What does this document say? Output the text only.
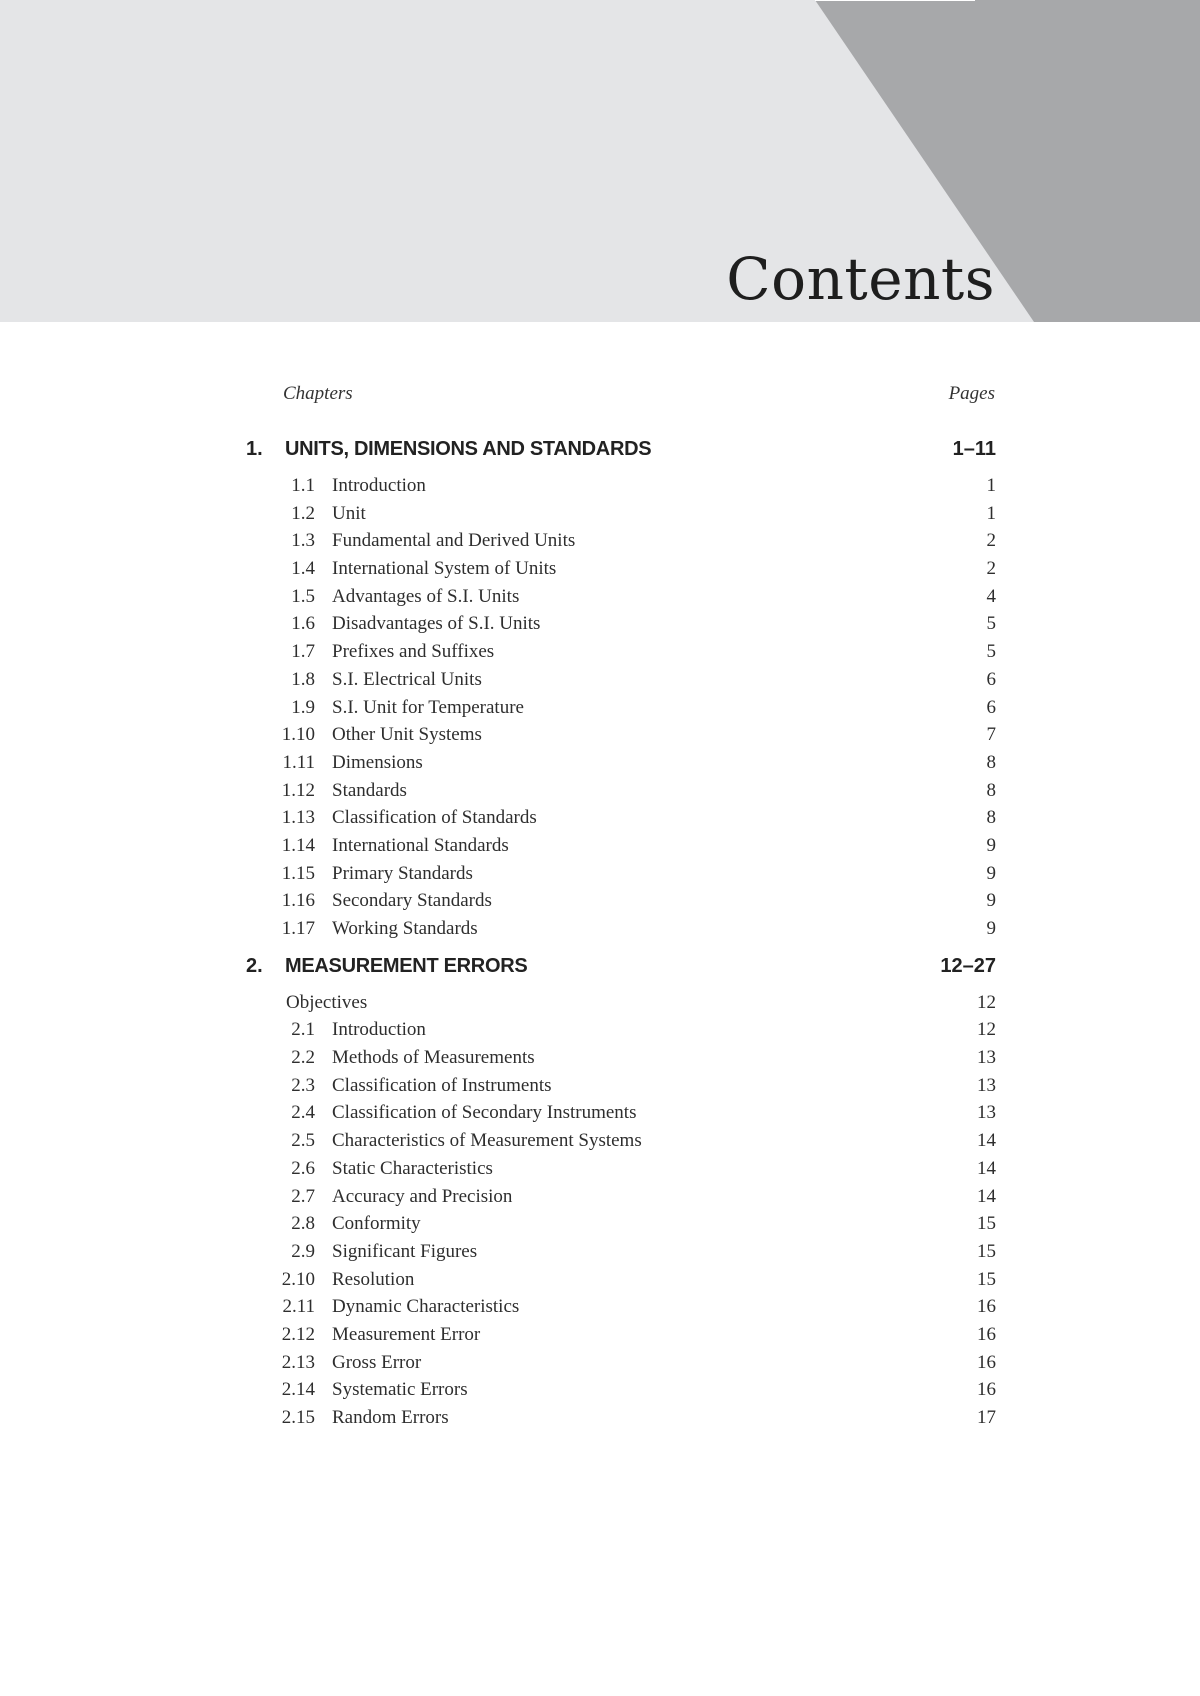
Contents
Chapters	Pages
1.	UNITS, DIMENSIONS AND STANDARDS	1–11
1.1 Introduction	1
1.2 Unit	1
1.3 Fundamental and Derived Units	2
1.4 International System of Units	2
1.5 Advantages of S.I. Units	4
1.6 Disadvantages of S.I. Units	5
1.7 Prefixes and Suffixes	5
1.8 S.I. Electrical Units	6
1.9 S.I. Unit for Temperature	6
1.10 Other Unit Systems	7
1.11 Dimensions	8
1.12 Standards	8
1.13 Classification of Standards	8
1.14 International Standards	9
1.15 Primary Standards	9
1.16 Secondary Standards	9
1.17 Working Standards	9
2.	MEASUREMENT ERRORS	12–27
Objectives	12
2.1 Introduction	12
2.2 Methods of Measurements	13
2.3 Classification of Instruments	13
2.4 Classification of Secondary Instruments	13
2.5 Characteristics of Measurement Systems	14
2.6 Static Characteristics	14
2.7 Accuracy and Precision	14
2.8 Conformity	15
2.9 Significant Figures	15
2.10 Resolution	15
2.11 Dynamic Characteristics	16
2.12 Measurement Error	16
2.13 Gross Error	16
2.14 Systematic Errors	16
2.15 Random Errors	17
